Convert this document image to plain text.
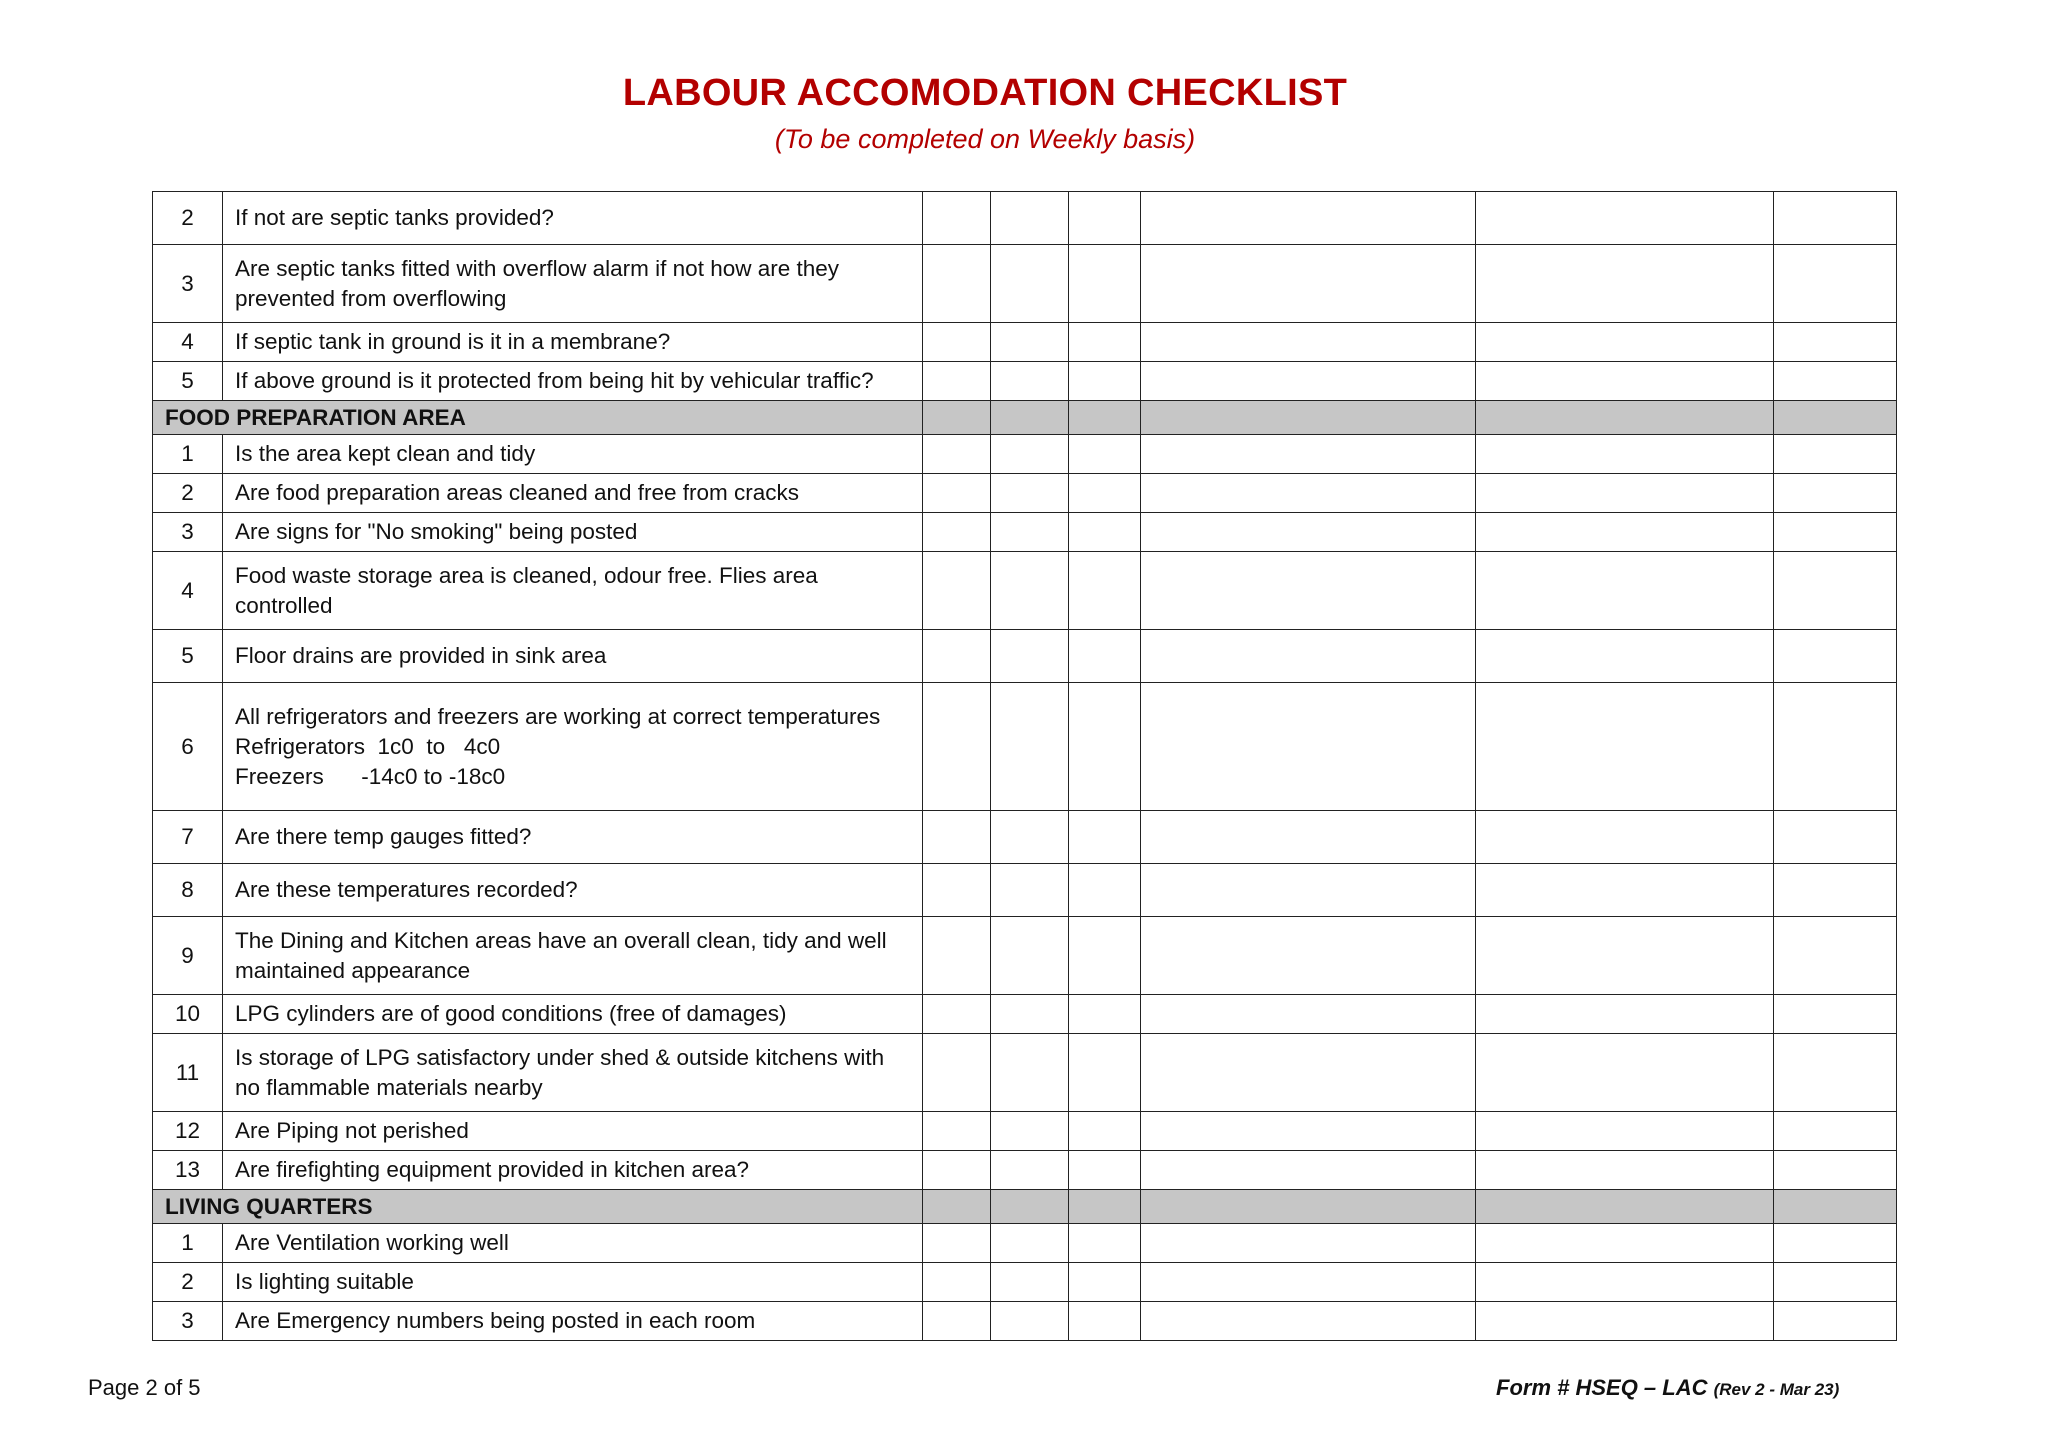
LABOUR ACCOMODATION CHECKLIST
(To be completed on Weekly basis)
2	If not are septic tanks provided?						
3	Are septic tanks fitted with overflow alarm if not how are they prevented from overflowing						
4	If septic tank in ground is it in a membrane?						
5	If above ground is it protected from being hit by vehicular traffic?						
FOOD PREPARATION AREA							
1	Is the area kept clean and tidy						
2	Are food preparation areas cleaned and free from cracks						
3	Are signs for "No smoking" being posted						
4	Food waste storage area is cleaned, odour free. Flies area controlled						
5	Floor drains are provided in sink area						
6	All refrigerators and freezers are working at correct temperatures
Refrigerators  1c0  to   4c0
Freezers      -14c0 to -18c0						

7	Are there temp gauges fitted?						
8	Are these temperatures recorded?						
9	The Dining and Kitchen areas have an overall clean, tidy and well maintained appearance						
10	LPG cylinders are of good conditions (free of damages)						
11	Is storage of LPG satisfactory under shed & outside kitchens with no flammable materials nearby						
12	Are Piping not perished						
13	Are firefighting equipment provided in kitchen area?						
LIVING QUARTERS							
1	Are Ventilation working well						
2	Is lighting suitable						
3	Are Emergency numbers being posted in each room						
Page 2 of 5	Form # HSEQ – LAC (Rev 2 - Mar 23)
